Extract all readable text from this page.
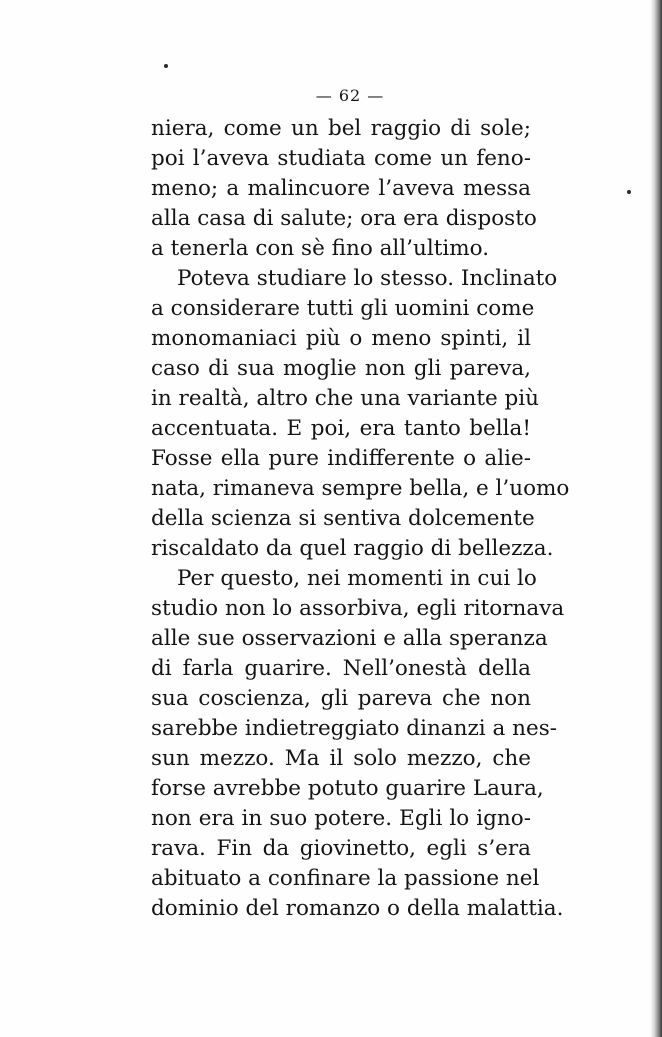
— 62 —
niera, come un bel raggio di sole;
poi l’aveva studiata come un feno-
meno; a malincuore l’aveva messa
alla casa di salute; ora era disposto
a tenerla con sè fino all’ultimo.
Poteva studiare lo stesso. Inclinato
a considerare tutti gli uomini come
monomaniaci più o meno spinti, il
caso di sua moglie non gli pareva,
in realtà, altro che una variante più
accentuata. E poi, era tanto bella!
Fosse ella pure indifferente o alie-
nata, rimaneva sempre bella, e l’uomo
della scienza si sentiva dolcemente
riscaldato da quel raggio di bellezza.
Per questo, nei momenti in cui lo
studio non lo assorbiva, egli ritornava
alle sue osservazioni e alla speranza
di farla guarire. Nell’onestà della
sua coscienza, gli pareva che non
sarebbe indietreggiato dinanzi a nes-
sun mezzo. Ma il solo mezzo, che
forse avrebbe potuto guarire Laura,
non era in suo potere. Egli lo igno-
rava. Fin da giovinetto, egli s’era
abituato a confinare la passione nel
dominio del romanzo o della malattia.
